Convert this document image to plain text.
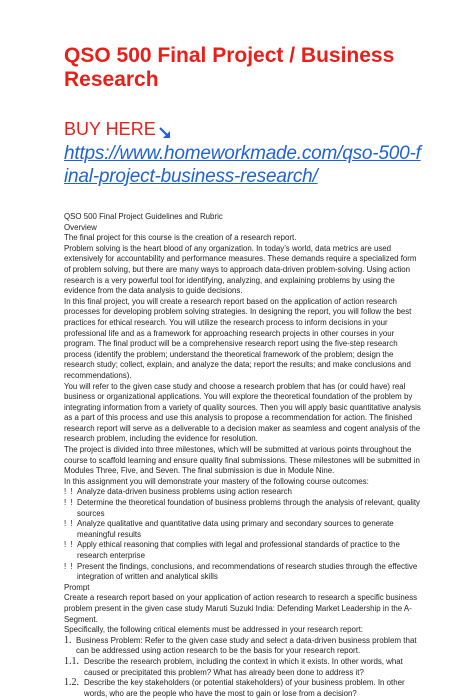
QSO 500 Final Project / Business Research
BUY HERE
https://www.homeworkmade.com/qso-500-final-project-business-research/

QSO 500 Final Project Guidelines and Rubric

Overview

The final project for this course is the creation of a research report.

Problem solving is the heart blood of any organization. In today’s world, data metrics are used extensively for accountability and performance measures. These demands require a specialized form of problem solving, but there are many ways to approach data-driven problem-solving. Using action research is a very powerful tool for identifying, analyzing, and explaining problems by using the evidence from the data analysis to guide decisions.

In this final project, you will create a research report based on the application of action research processes for developing problem solving strategies. In designing the report, you will follow the best practices for ethical research. You will utilize the research process to inform decisions in your professional life and as a framework for approaching research projects in other courses in your program. The final product will be a comprehensive research report using the five-step research process (identify the problem; understand the theoretical framework of the problem; design the research study; collect, explain, and analyze the data; report the results; and make conclusions and recommendations).

You will refer to the given case study and choose a research problem that has (or could have) real business or organizational applications. You will explore the theoretical foundation of the problem by integrating information from a variety of quality sources. Then you will apply basic quantitative analysis as a part of this process and use this analysis to propose a recommendation for action. The finished research report will serve as a deliverable to a decision maker as seamless and cogent analysis of the research problem, including the evidence for resolution.

The project is divided into three milestones, which will be submitted at various points throughout the course to scaffold learning and ensure quality final submissions. These milestones will be submitted in Modules Three, Five, and Seven. The final submission is due in Module Nine.

In this assignment you will demonstrate your mastery of the following course outcomes:

! ! Analyze data-driven business problems using action research

! ! Determine the theoretical foundation of business problems through the analysis of relevant, quality sources

! ! Analyze qualitative and quantitative data using primary and secondary sources to generate meaningful results

! ! Apply ethical reasoning that complies with legal and professional standards of practice to the research enterprise

! ! Present the findings, conclusions, and recommendations of research studies through the effective integration of written and analytical skills

Prompt

Create a research report based on your application of action research to research a specific business problem present in the given case study Maruti Suzuki India: Defending Market Leadership in the A-Segment.

Specifically, the following critical elements must be addressed in your research report:

1. Business Problem: Refer to the given case study and select a data-driven business problem that can be addressed using action research to be the basis for your research report.

1.1. Describe the research problem, including the context in which it exists. In other words, what caused or precipitated this problem? What has already been done to address it?

1.2. Describe the key stakeholders (or potential stakeholders) of your business problem. In other words, who are the people who have the most to gain or lose from a decision?
